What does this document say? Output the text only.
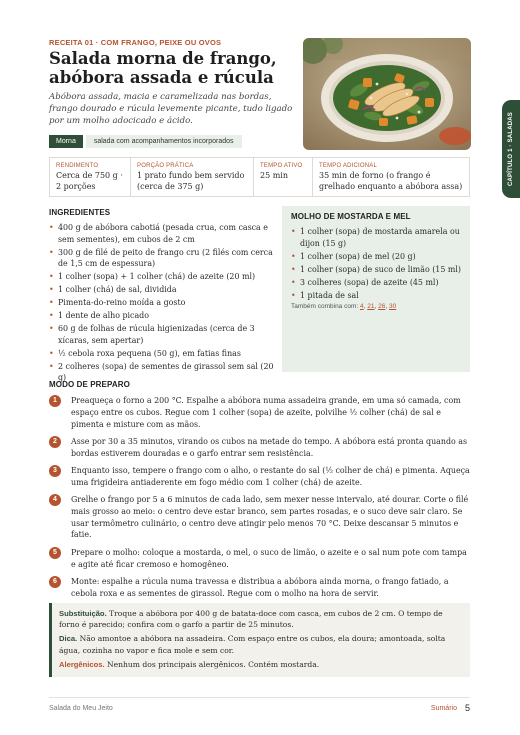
RECEITA 01 · COM FRANGO, PEIXE OU OVOS
Salada morna de frango, abóbora assada e rúcula

Abóbora assada, macia e caramelizada nas bordas, frango dourado e rúcula levemente picante, tudo ligado por um molho adocicado e ácido.	CAPÍTULO 1 · SALADAS
Morna	salada com acompanhamentos incorporados
RENDIMENTO
Cerca de 750 g · 2 porções
PORÇÃO PRÁTICA
1 prato fundo bem servido (cerca de 375 g)
TEMPO ATIVO
25 min
TEMPO ADICIONAL
35 min de forno (o frango é grelhado enquanto a abóbora assa)
INGREDIENTES
• 400 g de abóbora cabotiá (pesada crua, com casca e sem sementes), em cubos de 2 cm
• 300 g de filé de peito de frango cru (2 filés com cerca de 1,5 cm de espessura)
• 1 colher (sopa) + 1 colher (chá) de azeite (20 ml)
• 1 colher (chá) de sal, dividida
• Pimenta-do-reino moída a gosto
• 1 dente de alho picado
• 60 g de folhas de rúcula higienizadas (cerca de 3 xícaras, sem apertar)
• ½ cebola roxa pequena (50 g), em fatias finas
• 2 colheres (sopa) de sementes de girassol sem sal (20 g)
MOLHO DE MOSTARDA E MEL
• 1 colher (sopa) de mostarda amarela ou dijon (15 g)
• 1 colher (sopa) de mel (20 g)
• 1 colher (sopa) de suco de limão (15 ml)
• 3 colheres (sopa) de azeite (45 ml)
• 1 pitada de sal
Também combina com: 4, 21, 26, 30
MODO DE PREPARO
1	Preaqueça o forno a 200 °C. Espalhe a abóbora numa assadeira grande, em uma só camada, com espaço entre os cubos. Regue com 1 colher (sopa) de azeite, polvilhe ½ colher (chá) de sal e pimenta e misture com as mãos.
2	Asse por 30 a 35 minutos, virando os cubos na metade do tempo. A abóbora está pronta quando as bordas estiverem douradas e o garfo entrar sem resistência.
3	Enquanto isso, tempere o frango com o alho, o restante do sal (½ colher de chá) e pimenta. Aqueça uma frigideira antiaderente em fogo médio com 1 colher (chá) de azeite.
4	Grelhe o frango por 5 a 6 minutos de cada lado, sem mexer nesse intervalo, até dourar. Corte o filé mais grosso ao meio: o centro deve estar branco, sem partes rosadas, e o suco deve sair claro. Se usar termômetro culinário, o centro deve atingir pelo menos 70 °C. Deixe descansar 5 minutos e fatie.
5	Prepare o molho: coloque a mostarda, o mel, o suco de limão, o azeite e o sal num pote com tampa e agite até ficar cremoso e homogêneo.
6	Monte: espalhe a rúcula numa travessa e distribua a abóbora ainda morna, o frango fatiado, a cebola roxa e as sementes de girassol. Regue com o molho na hora de servir.

Substituição. Troque a abóbora por 400 g de batata-doce com casca, em cubos de 2 cm. O tempo de forno é parecido; confira com o garfo a partir de 25 minutos.

Dica. Não amontoe a abóbora na assadeira. Com espaço entre os cubos, ela doura; amontoada, solta água, cozinha no vapor e fica mole e sem cor.

Alergênicos. Nenhum dos principais alergênicos. Contém mostarda.

Salada do Meu Jeito	Sumário 5
